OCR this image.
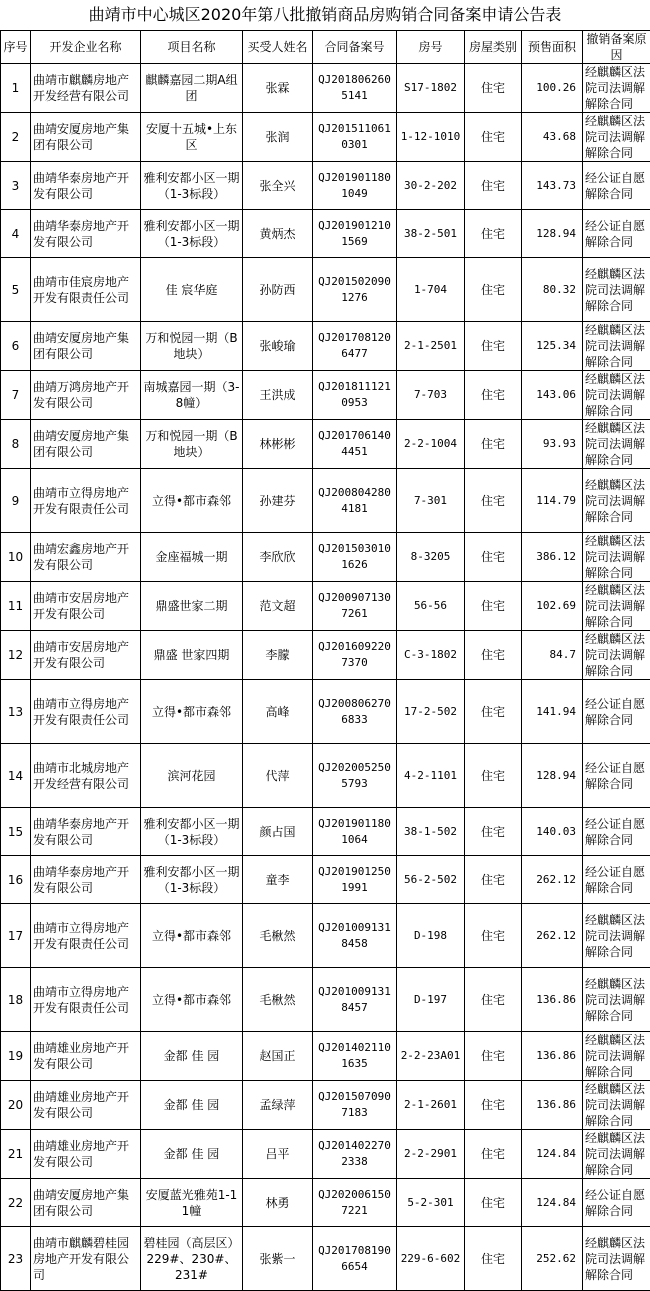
曲靖市中心城区2020年第八批撤销商品房购销合同备案申请公告表
序号	开发企业名称	项目名称	买受人姓名	合同备案号	房号	房屋类别	预售面积	撤销备案原因
1	曲靖市麒麟房地产开发经营有限公司	麒麟嘉园二期A组团	张霖	QJ2018062605141	S17-1802	住宅	100.26	经麒麟区法院司法调解解除合同
2	曲靖安厦房地产集团有限公司	安厦十五城•上东区	张润	QJ2015110610301	1-12-1010	住宅	43.68	经麒麟区法院司法调解解除合同
3	曲靖华泰房地产开发有限公司	雅利安都小区一期（1-3标段）	张全兴	QJ2019011801049	30-2-202	住宅	143.73	经公证自愿解除合同
4	曲靖华泰房地产开发有限公司	雅利安都小区一期（1-3标段）	黄炳杰	QJ2019012101569	38-2-501	住宅	128.94	经公证自愿解除合同
5	曲靖市佳宸房地产开发有限责任公司	佳 宸华庭	孙防西	QJ2015020901276	1-704	住宅	80.32	经麒麟区法院司法调解解除合同
6	曲靖安厦房地产集团有限公司	万和悦园一期（B地块）	张峻瑜	QJ2017081206477	2-1-2501	住宅	125.34	经麒麟区法院司法调解解除合同
7	曲靖万鸿房地产开发有限公司	南城嘉园一期（3-8幢）	王洪成	QJ2018111210953	7-703	住宅	143.06	经麒麟区法院司法调解解除合同
8	曲靖安厦房地产集团有限公司	万和悦园一期（B地块）	林彬彬	QJ2017061404451	2-2-1004	住宅	93.93	经麒麟区法院司法调解解除合同
9	曲靖市立得房地产开发有限责任公司	立得•都市森邻	孙建芬	QJ2008042804181	7-301	住宅	114.79	经麒麟区法院司法调解解除合同
10	曲靖宏鑫房地产开发有限公司	金座福城一期	李欣欣	QJ2015030101626	8-3205	住宅	386.12	经麒麟区法院司法调解解除合同
11	曲靖市安居房地产开发有限公司	鼎盛世家二期	范文超	QJ2009071307261	56-56	住宅	102.69	经麒麟区法院司法调解解除合同
12	曲靖市安居房地产开发有限公司	鼎盛 世家四期	李朦	QJ2016092207370	C-3-1802	住宅	84.7	经麒麟区法院司法调解解除合同
13	曲靖市立得房地产开发有限责任公司	立得•都市森邻	高峰	QJ2008062706833	17-2-502	住宅	141.94	经公证自愿解除合同
14	曲靖市北城房地产开发经营有限公司	滨河花园	代萍	QJ2020052505793	4-2-1101	住宅	128.94	经公证自愿解除合同
15	曲靖华泰房地产开发有限公司	雅利安都小区一期（1-3标段）	颜占国	QJ2019011801064	38-1-502	住宅	140.03	经公证自愿解除合同
16	曲靖华泰房地产开发有限公司	雅利安都小区一期（1-3标段）	童李	QJ2019012501991	56-2-502	住宅	262.12	经公证自愿解除合同
17	曲靖市立得房地产开发有限责任公司	立得•都市森邻	毛楸然	QJ2010091318458	D-198	住宅	262.12	经麒麟区法院司法调解解除合同
18	曲靖市立得房地产开发有限责任公司	立得•都市森邻	毛楸然	QJ2010091318457	D-197	住宅	136.86	经麒麟区法院司法调解解除合同
19	曲靖雄业房地产开发有限公司	金都 佳 园	赵国正	QJ2014021101635	2-2-23A01	住宅	136.86	经麒麟区法院司法调解解除合同
20	曲靖雄业房地产开发有限公司	金都 佳 园	孟绿萍	QJ2015070907183	2-1-2601	住宅	136.86	经麒麟区法院司法调解解除合同
21	曲靖雄业房地产开发有限公司	金都 佳 园	吕平	QJ2014022702338	2-2-2901	住宅	124.84	经麒麟区法院司法调解解除合同
22	曲靖安厦房地产集团有限公司	安厦蓝光雅苑1-11幢	林勇	QJ2020061507221	5-2-301	住宅	124.84	经公证自愿解除合同
23	曲靖市麒麟碧桂园房地产开发有限公司	碧桂园（高层区）229#、230#、231#	张紫一	QJ2017081906654	229-6-602	住宅	252.62	经麒麟区法院司法调解解除合同
